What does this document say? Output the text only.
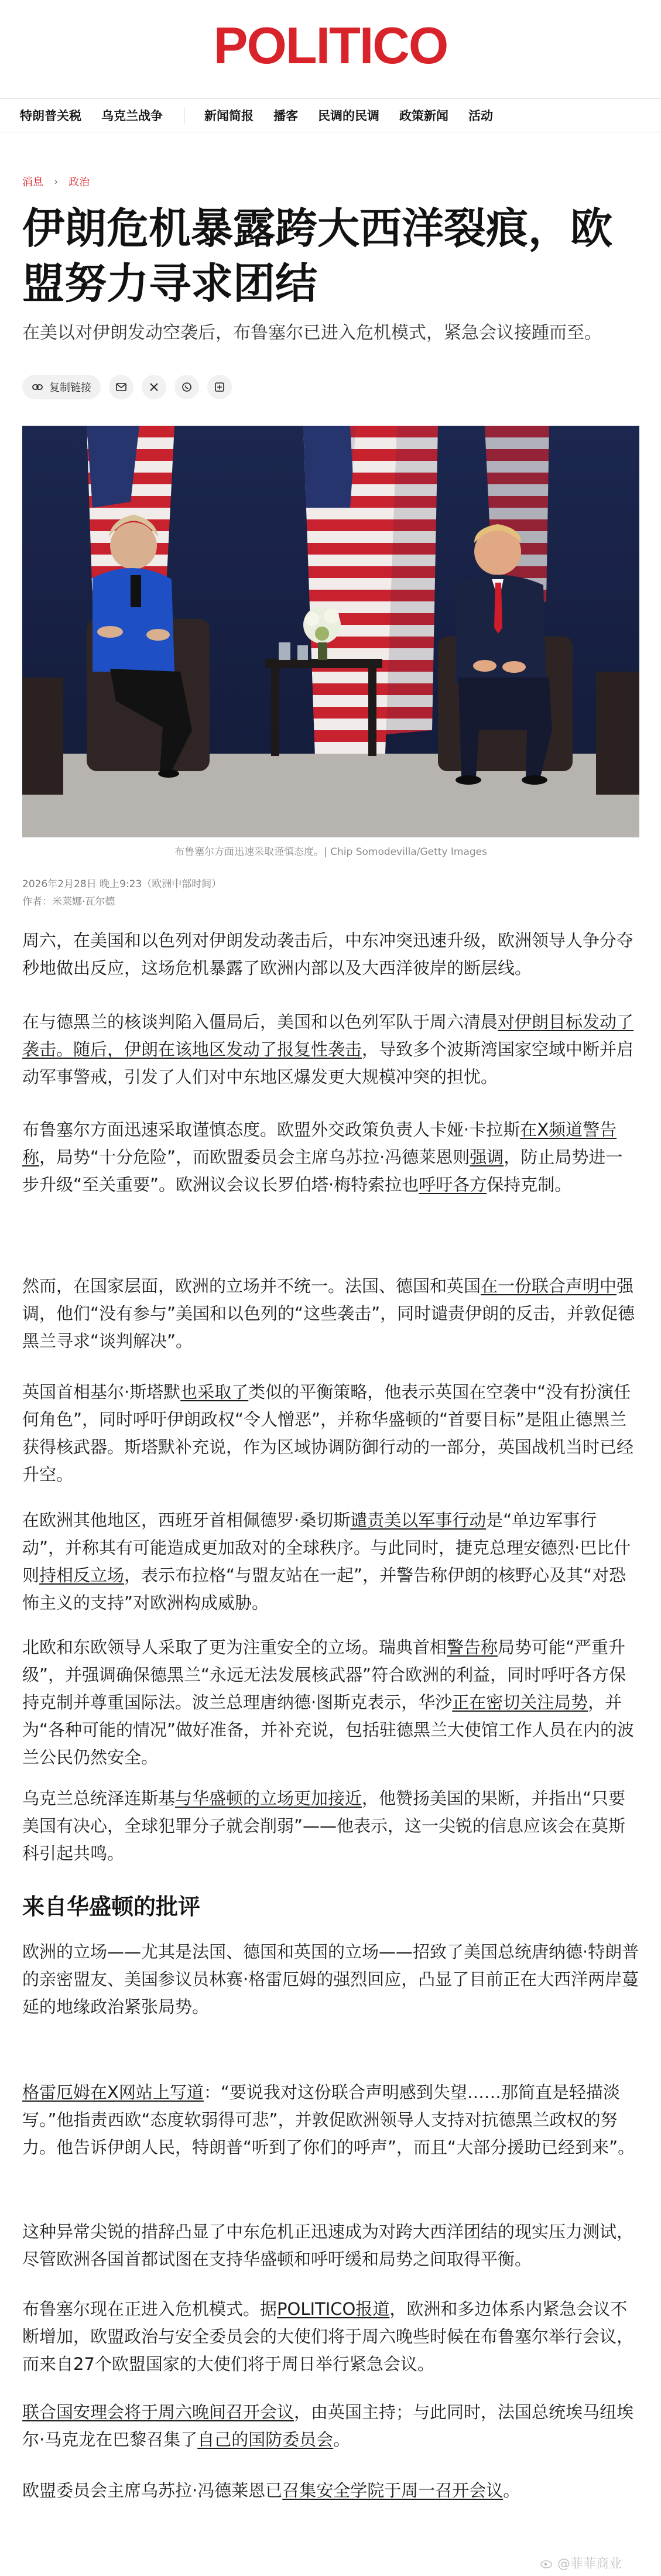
POLITICO
特朗普关税 乌克兰战争	新闻简报 播客 民调的民调 政策新闻 活动
消息 › 政治
伊朗危机暴露跨大西洋裂痕，欧盟努力寻求团结

在美以对伊朗发动空袭后，布鲁塞尔已进入危机模式，紧急会议接踵而至。

复制链接
布鲁塞尔方面迅速采取谨慎态度。| Chip Somodevilla/Getty Images
2026年2月28日 晚上9:23（欧洲中部时间）
作者：米莱娜·瓦尔德

周六，在美国和以色列对伊朗发动袭击后，中东冲突迅速升级，欧洲领导人争分夺秒地做出反应，这场危机暴露了欧洲内部以及大西洋彼岸的断层线。

在与德黑兰的核谈判陷入僵局后，美国和以色列军队于周六清晨对伊朗目标发动了袭击。随后，伊朗在该地区发动了报复性袭击，导致多个波斯湾国家空域中断并启动军事警戒，引发了人们对中东地区爆发更大规模冲突的担忧。

布鲁塞尔方面迅速采取谨慎态度。欧盟外交政策负责人卡娅·卡拉斯在X频道警告称，局势“十分危险”，而欧盟委员会主席乌苏拉·冯德莱恩则强调，防止局势进一步升级“至关重要”。欧洲议会议长罗伯塔·梅特索拉也呼吁各方保持克制。

然而，在国家层面，欧洲的立场并不统一。法国、德国和英国在一份联合声明中强调，他们“没有参与”美国和以色列的“这些袭击”，同时谴责伊朗的反击，并敦促德黑兰寻求“谈判解决”。

英国首相基尔·斯塔默也采取了类似的平衡策略，他表示英国在空袭中“没有扮演任何角色”，同时呼吁伊朗政权“令人憎恶”，并称华盛顿的“首要目标”是阻止德黑兰获得核武器。斯塔默补充说，作为区域协调防御行动的一部分，英国战机当时已经升空。

在欧洲其他地区，西班牙首相佩德罗·桑切斯谴责美以军事行动是“单边军事行动”，并称其有可能造成更加敌对的全球秩序。与此同时，捷克总理安德烈·巴比什则持相反立场，表示布拉格“与盟友站在一起”，并警告称伊朗的核野心及其“对恐怖主义的支持”对欧洲构成威胁。

北欧和东欧领导人采取了更为注重安全的立场。瑞典首相警告称局势可能“严重升级”，并强调确保德黑兰“永远无法发展核武器”符合欧洲的利益，同时呼吁各方保持克制并尊重国际法。波兰总理唐纳德·图斯克表示，华沙正在密切关注局势，并为“各种可能的情况”做好准备，并补充说，包括驻德黑兰大使馆工作人员在内的波兰公民仍然安全。

乌克兰总统泽连斯基与华盛顿的立场更加接近，他赞扬美国的果断，并指出“只要美国有决心，全球犯罪分子就会削弱”——他表示，这一尖锐的信息应该会在莫斯科引起共鸣。

来自华盛顿的批评

欧洲的立场——尤其是法国、德国和英国的立场——招致了美国总统唐纳德·特朗普的亲密盟友、美国参议员林赛·格雷厄姆的强烈回应，凸显了目前正在大西洋两岸蔓延的地缘政治紧张局势。

格雷厄姆在X网站上写道：“要说我对这份联合声明感到失望……那简直是轻描淡写。”他指责西欧“态度软弱得可悲”，并敦促欧洲领导人支持对抗德黑兰政权的努力。他告诉伊朗人民，特朗普“听到了你们的呼声”，而且“大部分援助已经到来”。

这种异常尖锐的措辞凸显了中东危机正迅速成为对跨大西洋团结的现实压力测试，尽管欧洲各国首都试图在支持华盛顿和呼吁缓和局势之间取得平衡。

布鲁塞尔现在正进入危机模式。据POLITICO报道，欧洲和多边体系内紧急会议不断增加，欧盟政治与安全委员会的大使们将于周六晚些时候在布鲁塞尔举行会议，而来自27个欧盟国家的大使们将于周日举行紧急会议。

联合国安理会将于周六晚间召开会议，由英国主持；与此同时，法国总统埃马纽埃尔·马克龙在巴黎召集了自己的国防委员会。

欧盟委员会主席乌苏拉·冯德莱恩已召集安全学院于周一召开会议。

@菲菲商业
